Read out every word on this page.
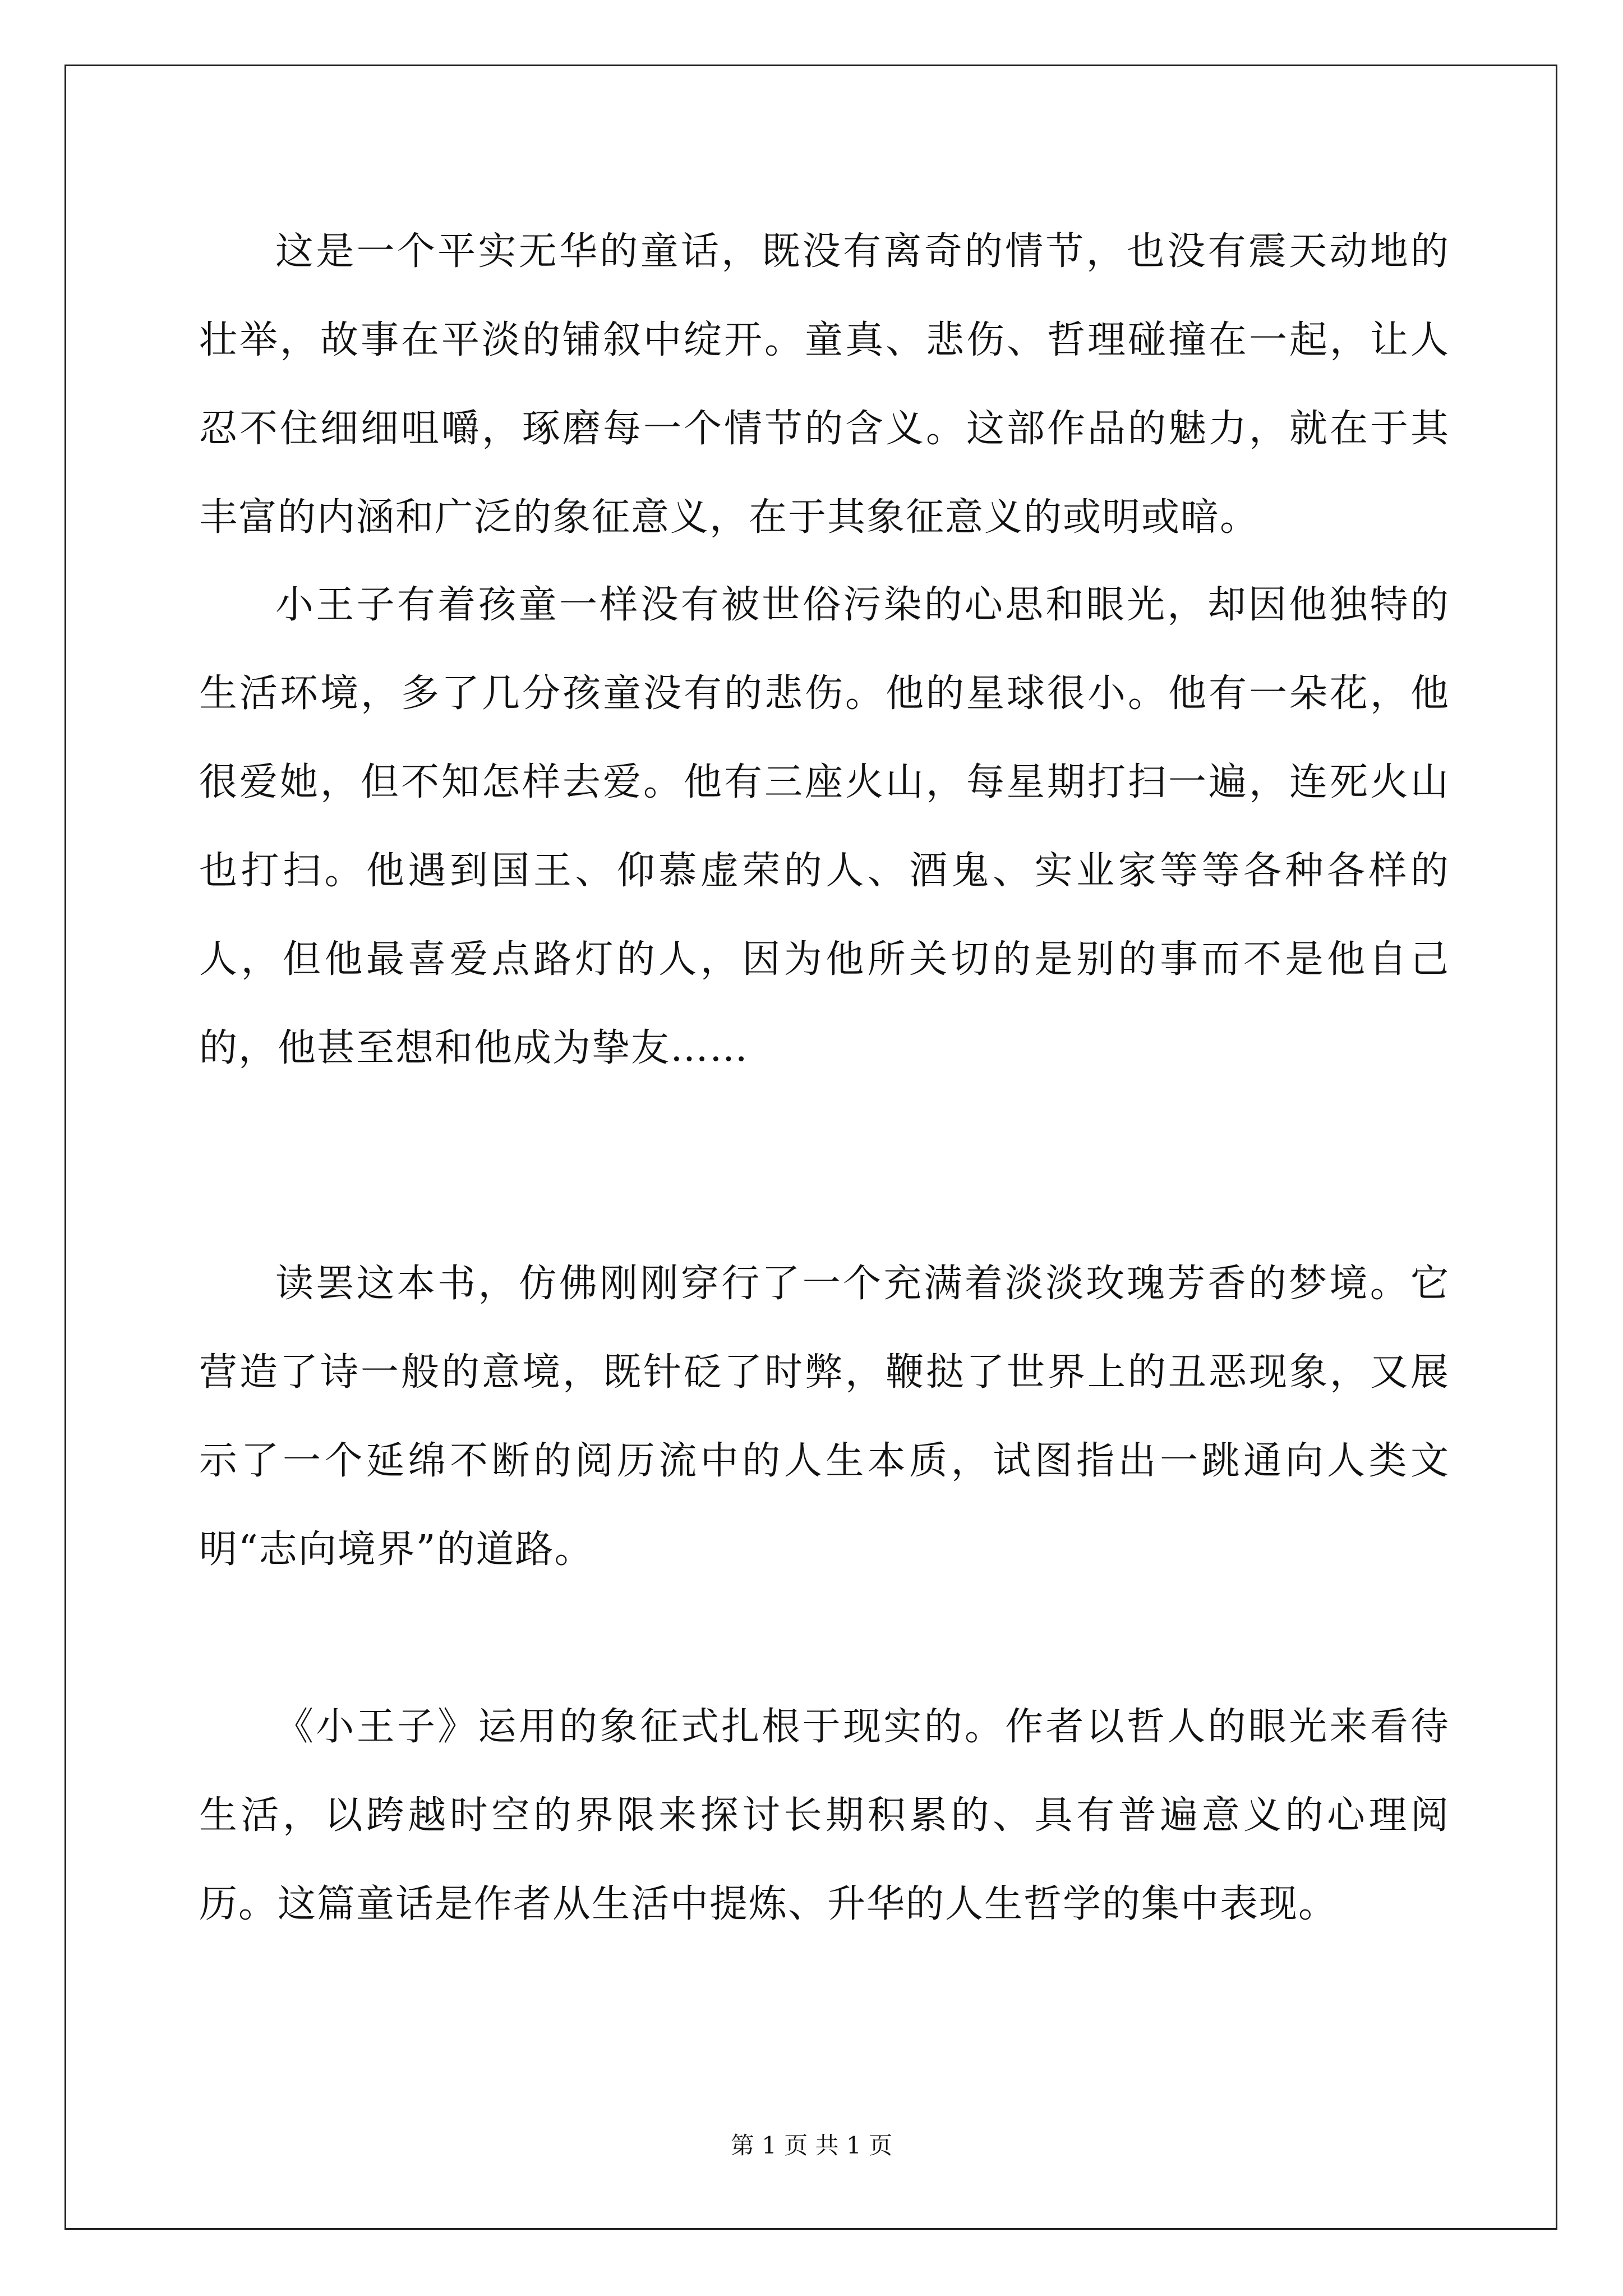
这是一个平实无华的童话，既没有离奇的情节，也没有震天动地的壮举，故事在平淡的铺叙中绽开。童真、悲伤、哲理碰撞在一起，让人忍不住细细咀嚼，琢磨每一个情节的含义。这部作品的魅力，就在于其丰富的内涵和广泛的象征意义，在于其象征意义的或明或暗。

小王子有着孩童一样没有被世俗污染的心思和眼光，却因他独特的生活环境，多了几分孩童没有的悲伤。他的星球很小。他有一朵花，他很爱她，但不知怎样去爱。他有三座火山，每星期打扫一遍，连死火山也打扫。他遇到国王、仰慕虚荣的人、酒鬼、实业家等等各种各样的人，但他最喜爱点路灯的人，因为他所关切的是别的事而不是他自己的，他甚至想和他成为挚友……

读罢这本书，仿佛刚刚穿行了一个充满着淡淡玫瑰芳香的梦境。它营造了诗一般的意境，既针砭了时弊，鞭挞了世界上的丑恶现象，又展示了一个延绵不断的阅历流中的人生本质，试图指出一跳通向人类文明“志向境界”的道路。

《小王子》运用的象征式扎根于现实的。作者以哲人的眼光来看待生活，以跨越时空的界限来探讨长期积累的、具有普遍意义的心理阅历。这篇童话是作者从生活中提炼、升华的人生哲学的集中表现。

第 1 页 共 1 页
